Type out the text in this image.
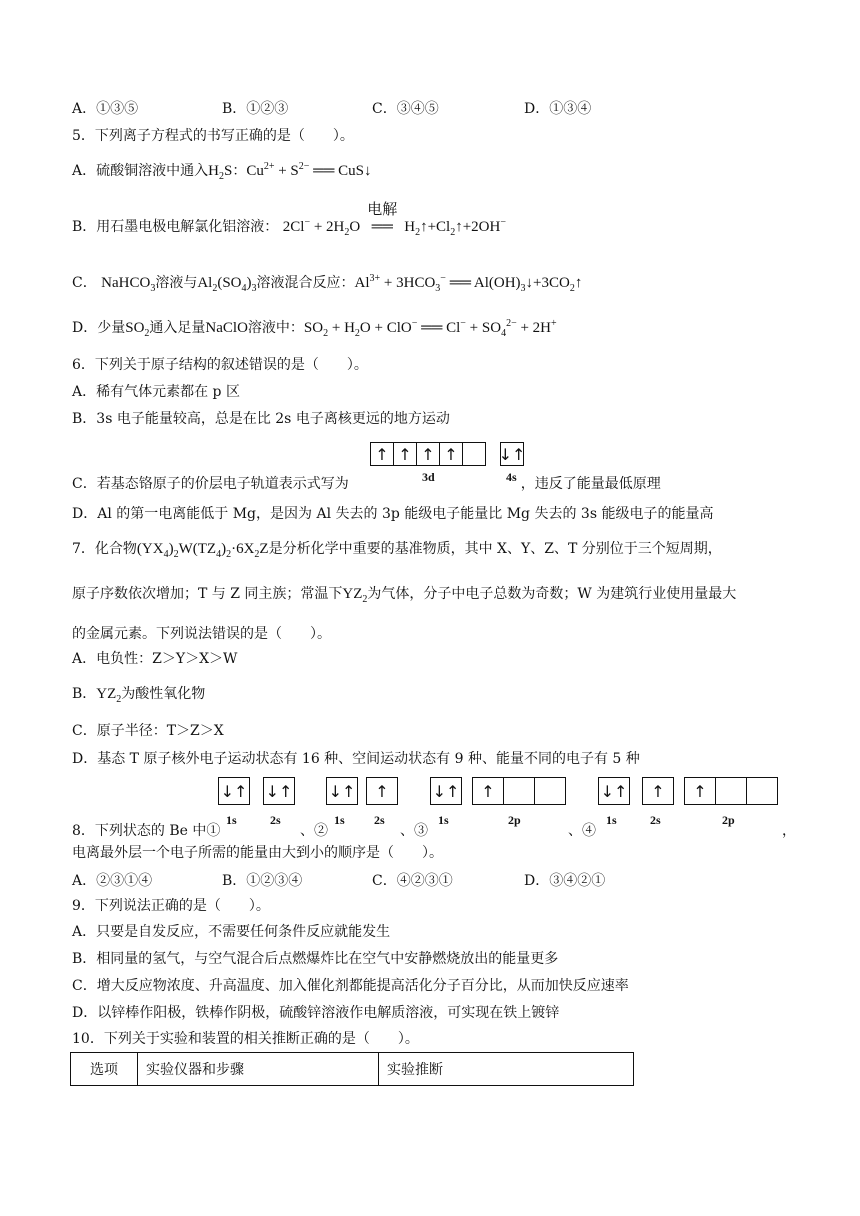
A．①③⑤	B．①②③	C．③④⑤	D．①③④
5．下列离子方程式的书写正确的是（　　）。
A．硫酸铜溶液中通入$H_2S$：$Cu^{2+} + S^{2-}$ ══ CuS↓
B．用石墨电极电解氯化铝溶液： $2Cl^- + 2H_2O$
电解
══ $H_2↑+Cl_2↑+2OH^-$
C． NaHCO$_3$溶液与$Al_2(SO_4)_3$溶液混合反应：$Al^{3+} + 3HCO_3^-$ ══ $Al(OH)_3↓+3CO_2↑$
D．少量$SO_2$通入足量NaClO溶液中：$SO_2 + H_2O + ClO^-$ ══ $Cl^- + SO_4^{2-} + 2H^+$
6．下列关于原子结构的叙述错误的是（　　）。
A．稀有气体元素都在 p 区
B．3s 电子能量较高，总是在比 2s 电子离核更远的地方运动
↑ ↑ ↑ ↑	↓↑
3d	4s
C．若基态铬原子的价层电子轨道表示式写为	，违反了能量最低原理
D．Al 的第一电离能低于 Mg，是因为 Al 失去的 3p 能级电子能量比 Mg 失去的 3s 能级电子的能量高
7．化合物$(YX_4)_2W(TZ_4)_2\cdot 6X_2Z$是分析化学中重要的基准物质，其中 X、Y、Z、T 分别位于三个短周期，
原子序数依次增加；T 与 Z 同主族；常温下$YZ_2$为气体，分子中电子总数为奇数；W 为建筑行业使用量最大
的金属元素。下列说法错误的是（　　）。
A．电负性：Z＞Y＞X＞W
B．$YZ_2$为酸性氧化物
C．原子半径：T＞Z＞X
D．基态 T 原子核外电子运动状态有 16 种、空间运动状态有 9 种、能量不同的电子有 5 种
↓↑ ↓↑
1s	2s
↓↑	↑
1s 2s
↓↑	↑
1s	2p
↓↑	↑	↑
1s	2s	2p
8．下列状态的 Be 中①	、②	、③	、④	，
电离最外层一个电子所需的能量由大到小的顺序是（　　）。
A．②③①④	B．①②③④	C．④②③①	D．③④②①
9．下列说法正确的是（　　）。
A．只要是自发反应，不需要任何条件反应就能发生
B．相同量的氢气，与空气混合后点燃爆炸比在空气中安静燃烧放出的能量更多
C．增大反应物浓度、升高温度、加入催化剂都能提高活化分子百分比，从而加快反应速率
D．以锌棒作阳极，铁棒作阴极，硫酸锌溶液作电解质溶液，可实现在铁上镀锌
10．下列关于实验和装置的相关推断正确的是（　　）。
选项	实验仪器和步骤	实验推断
